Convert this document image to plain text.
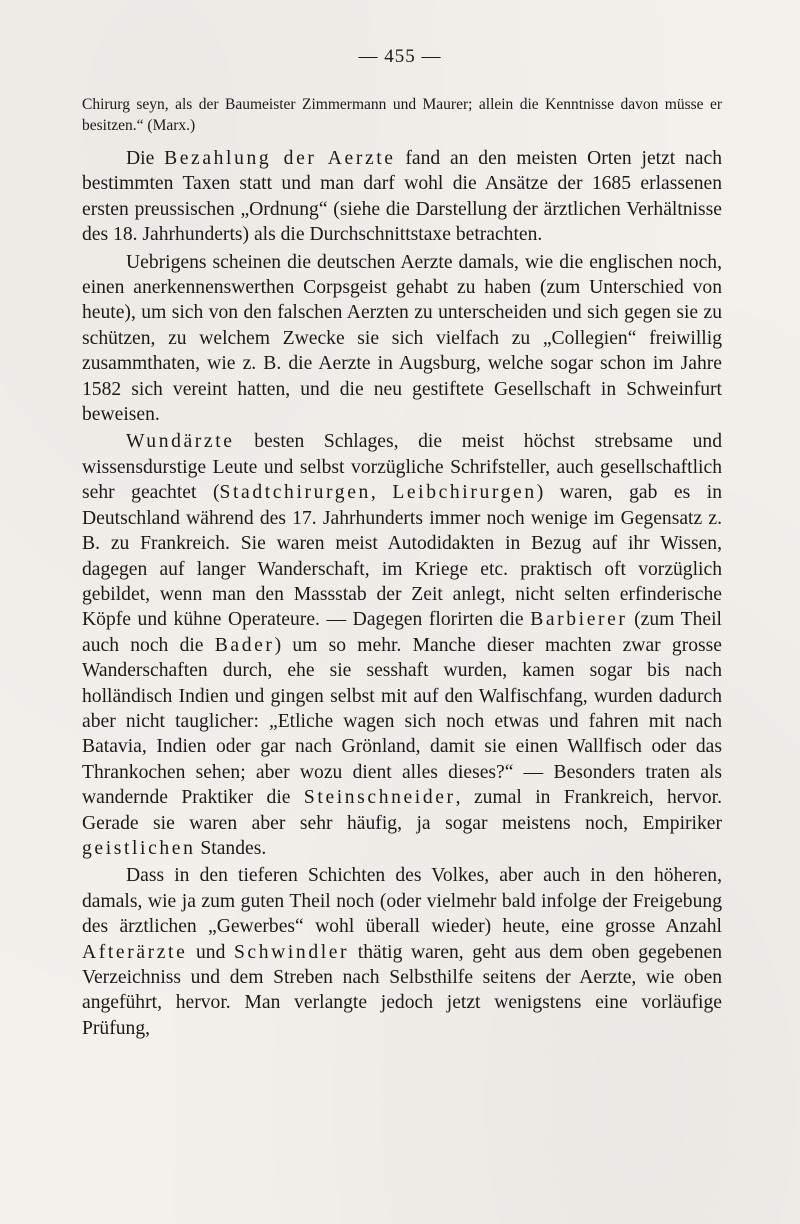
— 455 —

Chirurg seyn, als der Baumeister Zimmermann und Maurer; allein die Kenntnisse davon müsse er besitzen.“ (Marx.)

Die Bezahlung der Aerzte fand an den meisten Orten jetzt nach bestimmten Taxen statt und man darf wohl die Ansätze der 1685 erlassenen ersten preussischen „Ordnung“ (siehe die Darstellung der ärztlichen Verhältnisse des 18. Jahrhunderts) als die Durchschnittstaxe betrachten.

Uebrigens scheinen die deutschen Aerzte damals, wie die englischen noch, einen anerkennenswerthen Corpsgeist gehabt zu haben (zum Unterschied von heute), um sich von den falschen Aerzten zu unterscheiden und sich gegen sie zu schützen, zu welchem Zwecke sie sich vielfach zu „Collegien“ freiwillig zusammthaten, wie z. B. die Aerzte in Augsburg, welche sogar schon im Jahre 1582 sich vereint hatten, und die neu gestiftete Gesellschaft in Schweinfurt beweisen.

Wundärzte besten Schlages, die meist höchst strebsame und wissensdurstige Leute und selbst vorzügliche Schrifsteller, auch gesellschaftlich sehr geachtet (Stadtchirurgen, Leibchirurgen) waren, gab es in Deutschland während des 17. Jahrhunderts immer noch wenige im Gegensatz z. B. zu Frankreich. Sie waren meist Autodidakten in Bezug auf ihr Wissen, dagegen auf langer Wanderschaft, im Kriege etc. praktisch oft vorzüglich gebildet, wenn man den Massstab der Zeit anlegt, nicht selten erfinderische Köpfe und kühne Operateure. — Dagegen florirten die Barbierer (zum Theil auch noch die Bader) um so mehr. Manche dieser machten zwar grosse Wanderschaften durch, ehe sie sesshaft wurden, kamen sogar bis nach holländisch Indien und gingen selbst mit auf den Walfischfang, wurden dadurch aber nicht tauglicher: „Etliche wagen sich noch etwas und fahren mit nach Batavia, Indien oder gar nach Grönland, damit sie einen Wallfisch oder das Thrankochen sehen; aber wozu dient alles dieses?“ — Besonders traten als wandernde Praktiker die Steinschneider, zumal in Frankreich, hervor. Gerade sie waren aber sehr häufig, ja sogar meistens noch, Empiriker geistlichen Standes.

Dass in den tieferen Schichten des Volkes, aber auch in den höheren, damals, wie ja zum guten Theil noch (oder vielmehr bald infolge der Freigebung des ärztlichen „Gewerbes“ wohl überall wieder) heute, eine grosse Anzahl Afterärzte und Schwindler thätig waren, geht aus dem oben gegebenen Verzeichniss und dem Streben nach Selbsthilfe seitens der Aerzte, wie oben angeführt, hervor. Man verlangte jedoch jetzt wenigstens eine vorläufige Prüfung,
